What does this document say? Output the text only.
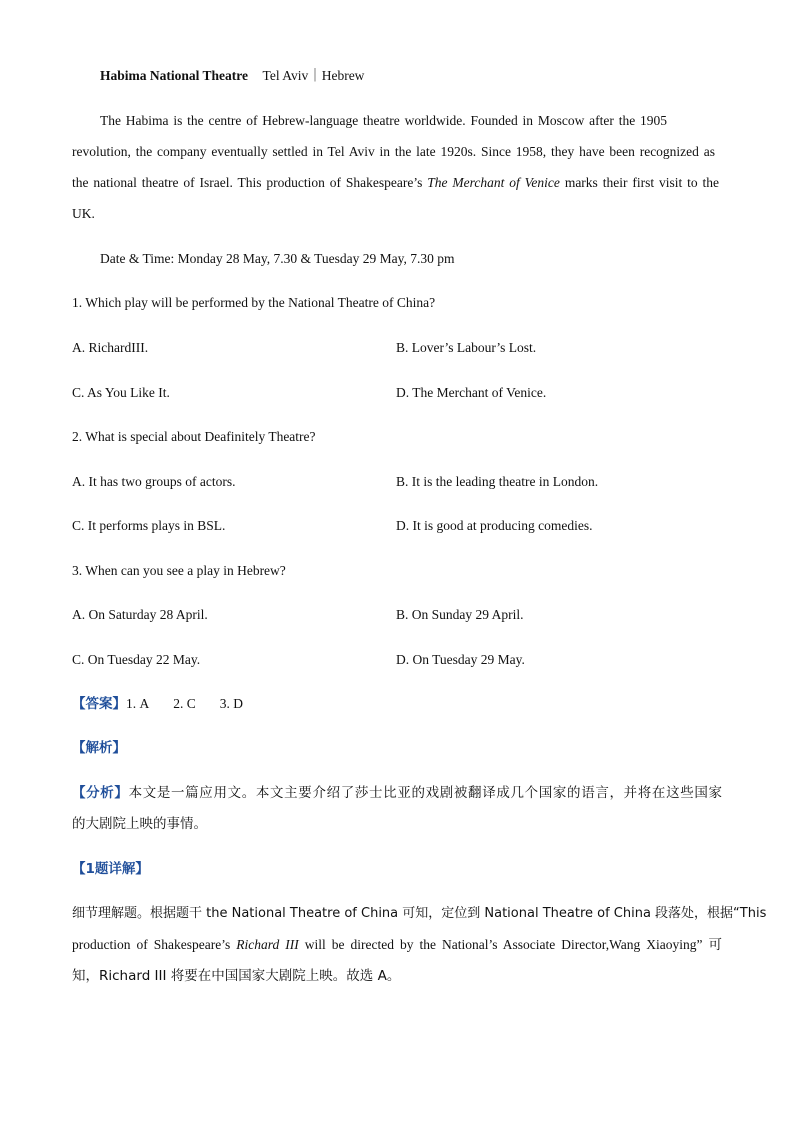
Habima National Theatre Tel Aviv｜Hebrew
The Habima is the centre of Hebrew-language theatre worldwide. Founded in Moscow after the 1905
revolution, the company eventually settled in Tel Aviv in the late 1920s. Since 1958, they have been recognized as
the national theatre of Israel. This production of Shakespeare’s The Merchant of Venice marks their first visit to the
UK.
Date & Time: Monday 28 May, 7.30 & Tuesday 29 May, 7.30 pm
1. Which play will be performed by the National Theatre of China?
A. RichardIII.	B. Lover’s Labour’s Lost.
C. As You Like It.	D. The Merchant of Venice.
2. What is special about Deafinitely Theatre?
A. It has two groups of actors.	B. It is the leading theatre in London.
C. It performs plays in BSL.	D. It is good at producing comedies.
3. When can you see a play in Hebrew?
A. On Saturday 28 April.	B. On Sunday 29 April.
C. On Tuesday 22 May.	D. On Tuesday 29 May.
【答案】1. A 2. C 3. D
【解析】
【分析】本文是一篇应用文。本文主要介绍了莎士比亚的戏剧被翻译成几个国家的语言，并将在这些国家
的大剧院上映的事情。
【1题详解】
细节理解题。根据题干 the National Theatre of China 可知，定位到 National Theatre of China 段落处，根据“This
production of Shakespeare’s Richard III will be directed by the National’s Associate Director,Wang Xiaoying” 可
知，Richard III 将要在中国国家大剧院上映。故选 A。
